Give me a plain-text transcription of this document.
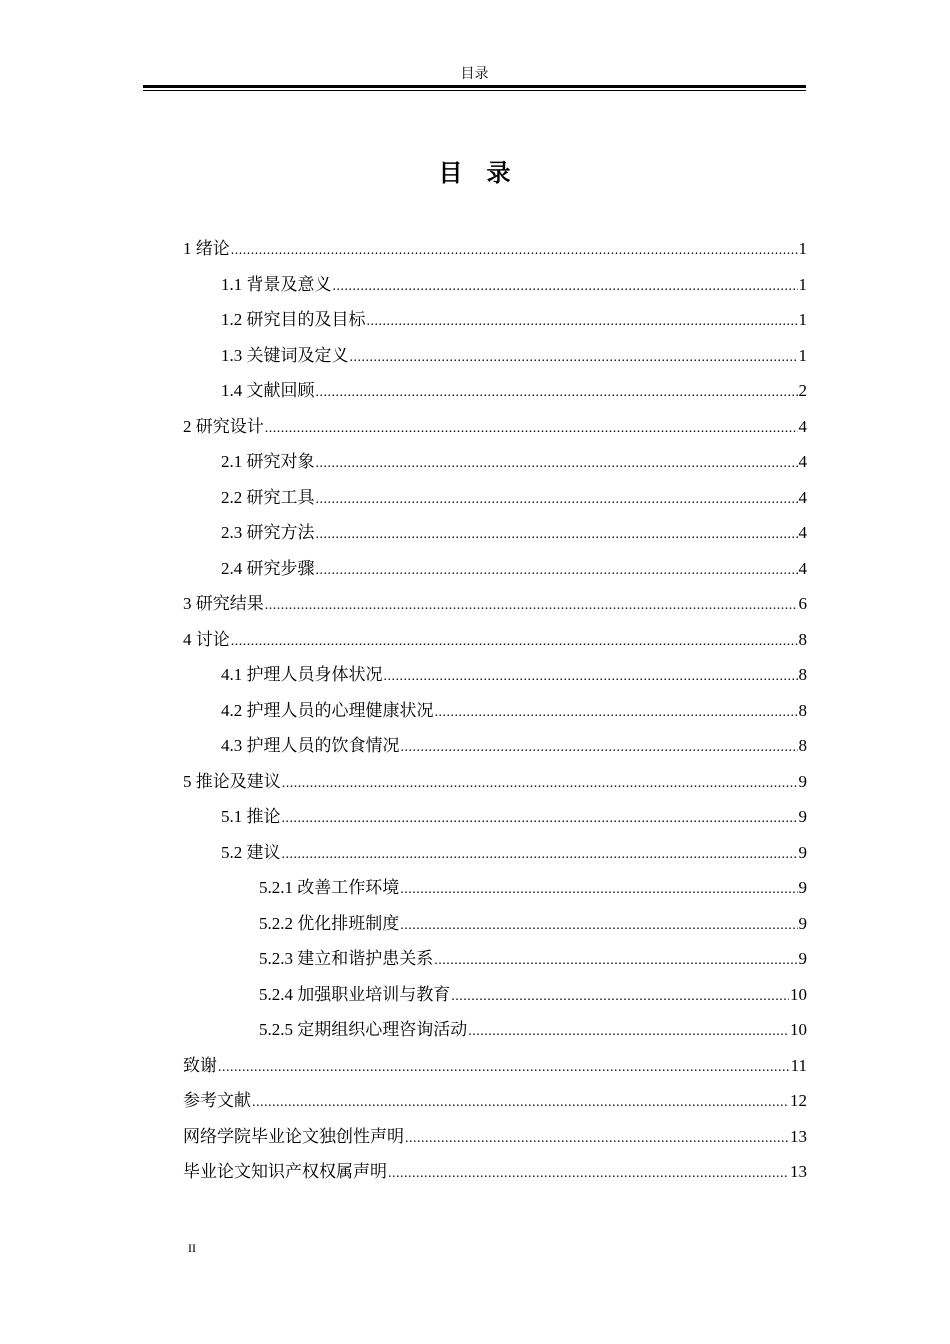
目录
目录
1 绪论 .....	1
1.1 背景及意义 .....	1
1.2 研究目的及目标 .....	1
1.3 关键词及定义 .....	1
1.4 文献回顾 .....	2
2 研究设计 .....	4
2.1 研究对象 .....	4
2.2 研究工具 .....	4
2.3 研究方法 .....	4
2.4 研究步骤 .....	4
3 研究结果 .....	6
4 讨论 .....	8
4.1 护理人员身体状况 .....	8
4.2 护理人员的心理健康状况 .....	8
4.3 护理人员的饮食情况 .....	8
5 推论及建议 .....	9
5.1 推论 .....	9
5.2 建议 .....	9
5.2.1 改善工作环境 .....	9
5.2.2 优化排班制度 .....	9
5.2.3 建立和谐护患关系 .....	9
5.2.4 加强职业培训与教育 .....	10
5.2.5 定期组织心理咨询活动 .....	10
致谢 .....	11
参考文献 .....	12
网络学院毕业论文独创性声明 .....	13
毕业论文知识产权权属声明 .....	13
II
